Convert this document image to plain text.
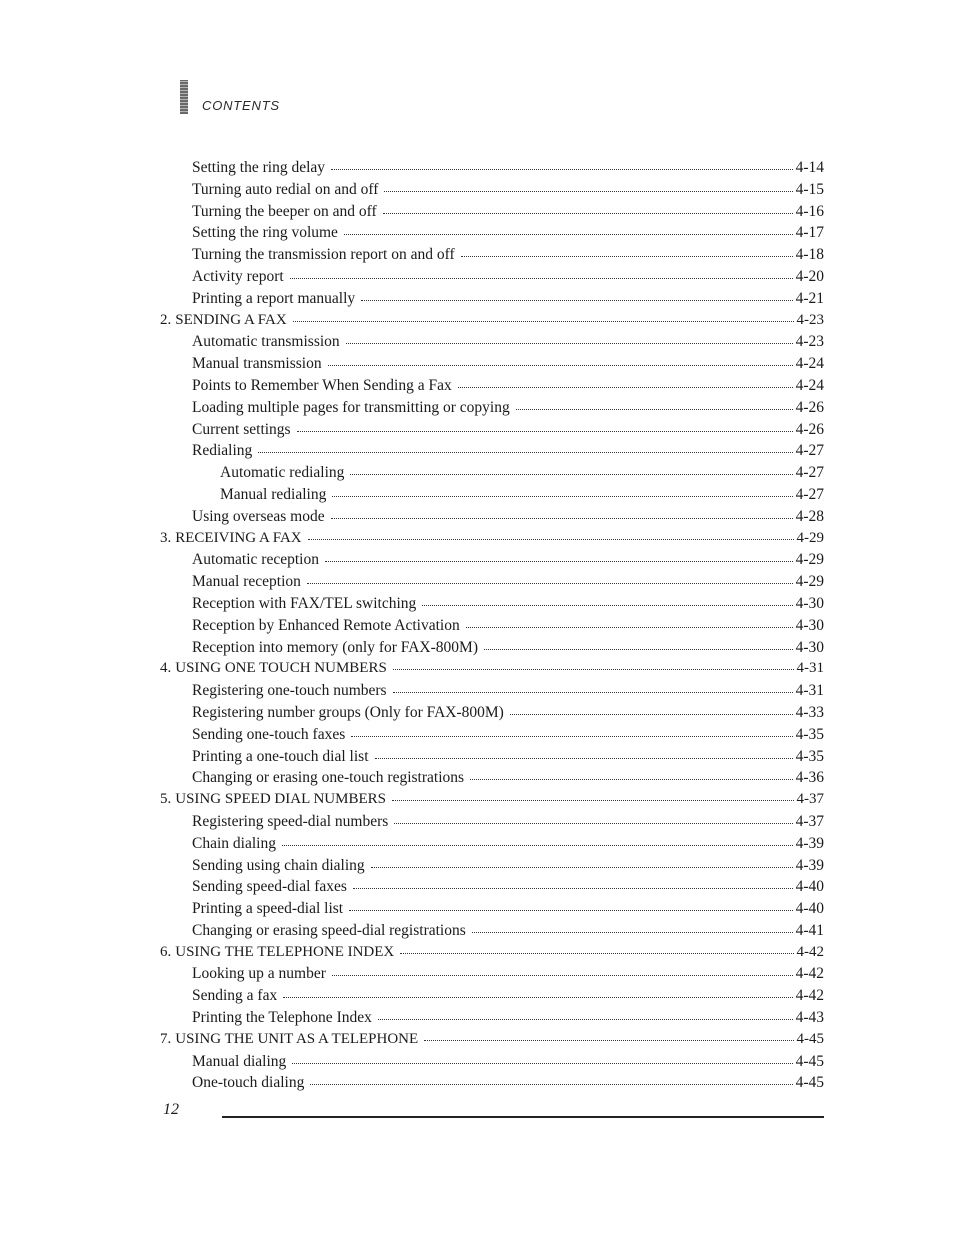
CONTENTS
Setting the ring delay	4-14
Turning auto redial on and off	4-15
Turning the beeper on and off	4-16
Setting the ring volume	4-17
Turning the transmission report on and off	4-18
Activity report	4-20
Printing a report manually	4-21
2. SENDING A FAX	4-23
Automatic transmission	4-23
Manual transmission	4-24
Points to Remember When Sending a Fax	4-24
Loading multiple pages for transmitting or copying	4-26
Current settings	4-26
Redialing	4-27
Automatic redialing	4-27
Manual redialing	4-27
Using overseas mode	4-28
3. RECEIVING A FAX	4-29
Automatic reception	4-29
Manual reception	4-29
Reception with FAX/TEL switching	4-30
Reception by Enhanced Remote Activation	4-30
Reception into memory (only for FAX-800M)	4-30
4. USING ONE TOUCH NUMBERS	4-31
Registering one-touch numbers	4-31
Registering number groups (Only for FAX-800M)	4-33
Sending one-touch faxes	4-35
Printing a one-touch dial list	4-35
Changing or erasing one-touch registrations	4-36
5. USING SPEED DIAL NUMBERS	4-37
Registering speed-dial numbers	4-37
Chain dialing	4-39
Sending using chain dialing	4-39
Sending speed-dial faxes	4-40
Printing a speed-dial list	4-40
Changing or erasing speed-dial registrations	4-41
6. USING THE TELEPHONE INDEX	4-42
Looking up a number	4-42
Sending a fax	4-42
Printing the Telephone Index	4-43
7. USING THE UNIT AS A TELEPHONE	4-45
Manual dialing	4-45
One-touch dialing	4-45
12
